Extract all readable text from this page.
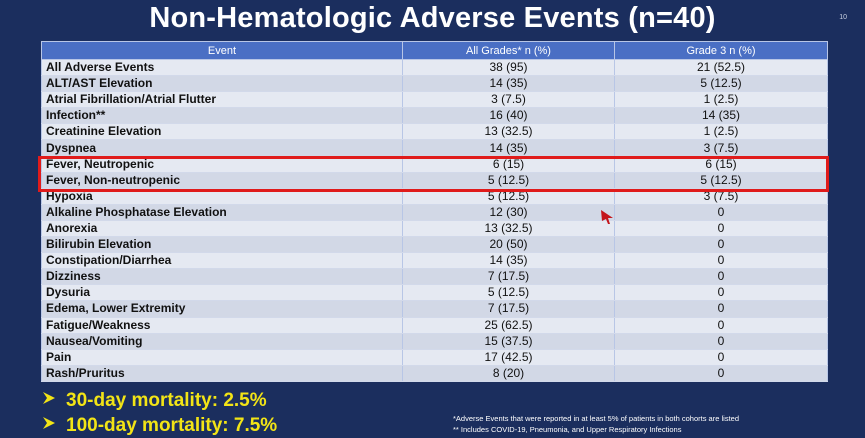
Non-Hematologic Adverse Events (n=40)	10
Event	All Grades* n (%)	Grade 3 n (%)
All Adverse Events	38 (95)	21 (52.5)
ALT/AST Elevation	14 (35)	5 (12.5)
Atrial Fibrillation/Atrial Flutter	3 (7.5)	1 (2.5)
Infection**	16 (40)	14 (35)
Creatinine Elevation	13 (32.5)	1 (2.5)
Dyspnea	14 (35)	3 (7.5)
Fever, Neutropenic	6 (15)	6 (15)
Fever, Non-neutropenic	5 (12.5)	5 (12.5)
Hypoxia	5 (12.5)	3 (7.5)
Alkaline Phosphatase Elevation	12 (30)	0
Anorexia	13 (32.5)	0
Bilirubin Elevation	20 (50)	0
Constipation/Diarrhea	14 (35)	0
Dizziness	7 (17.5)	0
Dysuria	5 (12.5)	0
Edema, Lower Extremity	7 (17.5)	0
Fatigue/Weakness	25 (62.5)	0
Nausea/Vomiting	15 (37.5)	0
Pain	17 (42.5)	0
Rash/Pruritus	8 (20)	0
30-day mortality: 2.5%
100-day mortality: 7.5%	*Adverse Events that were reported in at least 5% of patients in both cohorts are listed
** Includes COVID-19, Pneumonia, and Upper Respiratory Infections
